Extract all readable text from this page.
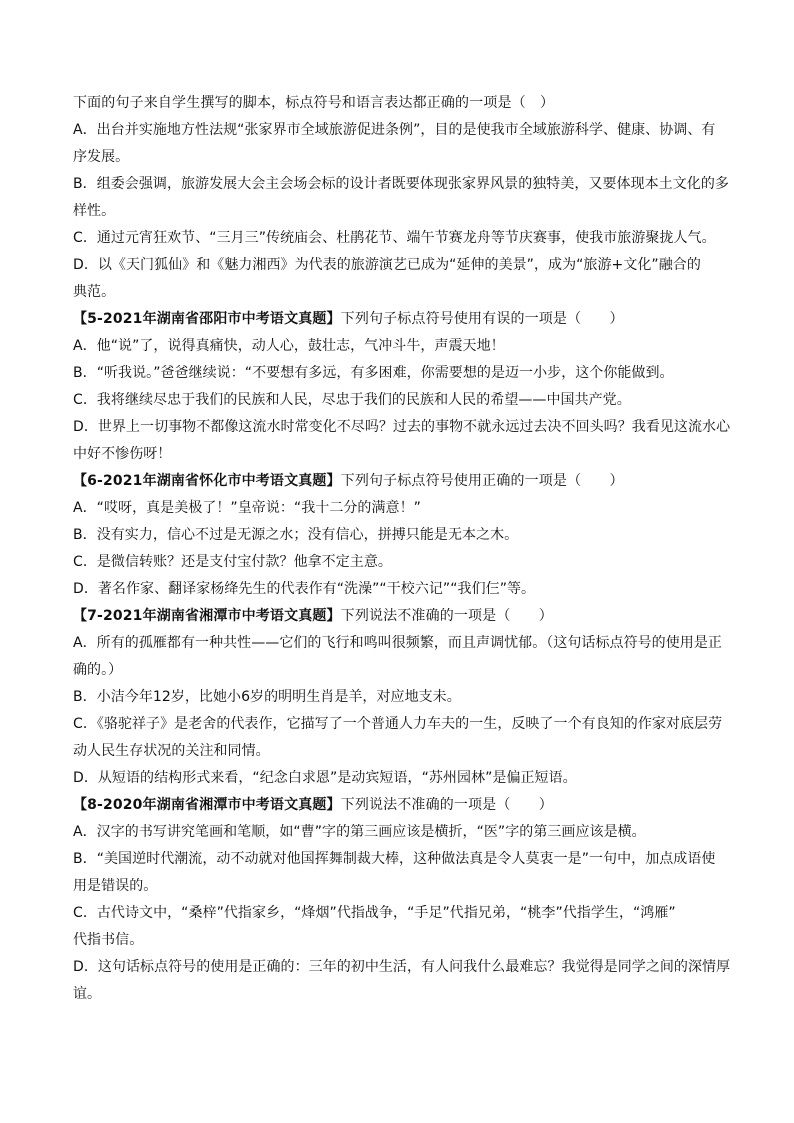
下面的句子来自学生撰写的脚本，标点符号和语言表达都正确的一项是（　）
A．出台并实施地方性法规“张家界市全域旅游促进条例”，目的是使我市全域旅游科学、健康、协调、有
序发展。
B．组委会强调，旅游发展大会主会场会标的设计者既要体现张家界风景的独特美，又要体现本土文化的多
样性。
C．通过元宵狂欢节、“三月三”传统庙会、杜鹃花节、端午节赛龙舟等节庆赛事，使我市旅游聚拢人气。
D．以《天门狐仙》和《魅力湘西》为代表的旅游演艺已成为“延伸的美景”，成为“旅游+文化”融合的
典范。
【5-2021年湖南省邵阳市中考语文真题】下列句子标点符号使用有误的一项是（　　）
A．他“说”了，说得真痛快，动人心，鼓壮志，气冲斗牛，声震天地！
B．“听我说。”爸爸继续说：“不要想有多远，有多困难，你需要想的是迈一小步，这个你能做到。
C．我将继续尽忠于我们的民族和人民，尽忠于我们的民族和人民的希望——中国共产党。
D．世界上一切事物不都像这流水时常变化不尽吗？过去的事物不就永远过去决不回头吗？我看见这流水心
中好不惨伤呀！
【6-2021年湖南省怀化市中考语文真题】下列句子标点符号使用正确的一项是（　　）
A．“哎呀，真是美极了！”皇帝说：“我十二分的满意！”
B．没有实力，信心不过是无源之水；没有信心，拼搏只能是无本之木。
C．是微信转账？还是支付宝付款？他拿不定主意。
D．著名作家、翻译家杨绛先生的代表作有“洗澡”“干校六记”“我们仨”等。
【7-2021年湖南省湘潭市中考语文真题】下列说法不准确的一项是（　　）
A．所有的孤雁都有一种共性——它们的飞行和鸣叫很频繁，而且声调忧郁。（这句话标点符号的使用是正
确的。）
B．小洁今年12岁，比她小6岁的明明生肖是羊，对应地支未。
C．《骆驼祥子》是老舍的代表作，它描写了一个普通人力车夫的一生，反映了一个有良知的作家对底层劳
动人民生存状况的关注和同情。
D．从短语的结构形式来看，“纪念白求恩”是动宾短语，“苏州园林”是偏正短语。
【8-2020年湖南省湘潭市中考语文真题】下列说法不准确的一项是（　　）
A．汉字的书写讲究笔画和笔顺，如“曹”字的第三画应该是横折，“医”字的第三画应该是横。
B．“美国逆时代潮流，动不动就对他国挥舞制裁大棒，这种做法真是令人莫衷一是”一句中，加点成语使
用是错误的。
C．古代诗文中，“桑梓”代指家乡，“烽烟”代指战争，“手足”代指兄弟，“桃李”代指学生，“鸿雁”
代指书信。
D．这句话标点符号的使用是正确的：三年的初中生活，有人问我什么最难忘？我觉得是同学之间的深情厚
谊。
